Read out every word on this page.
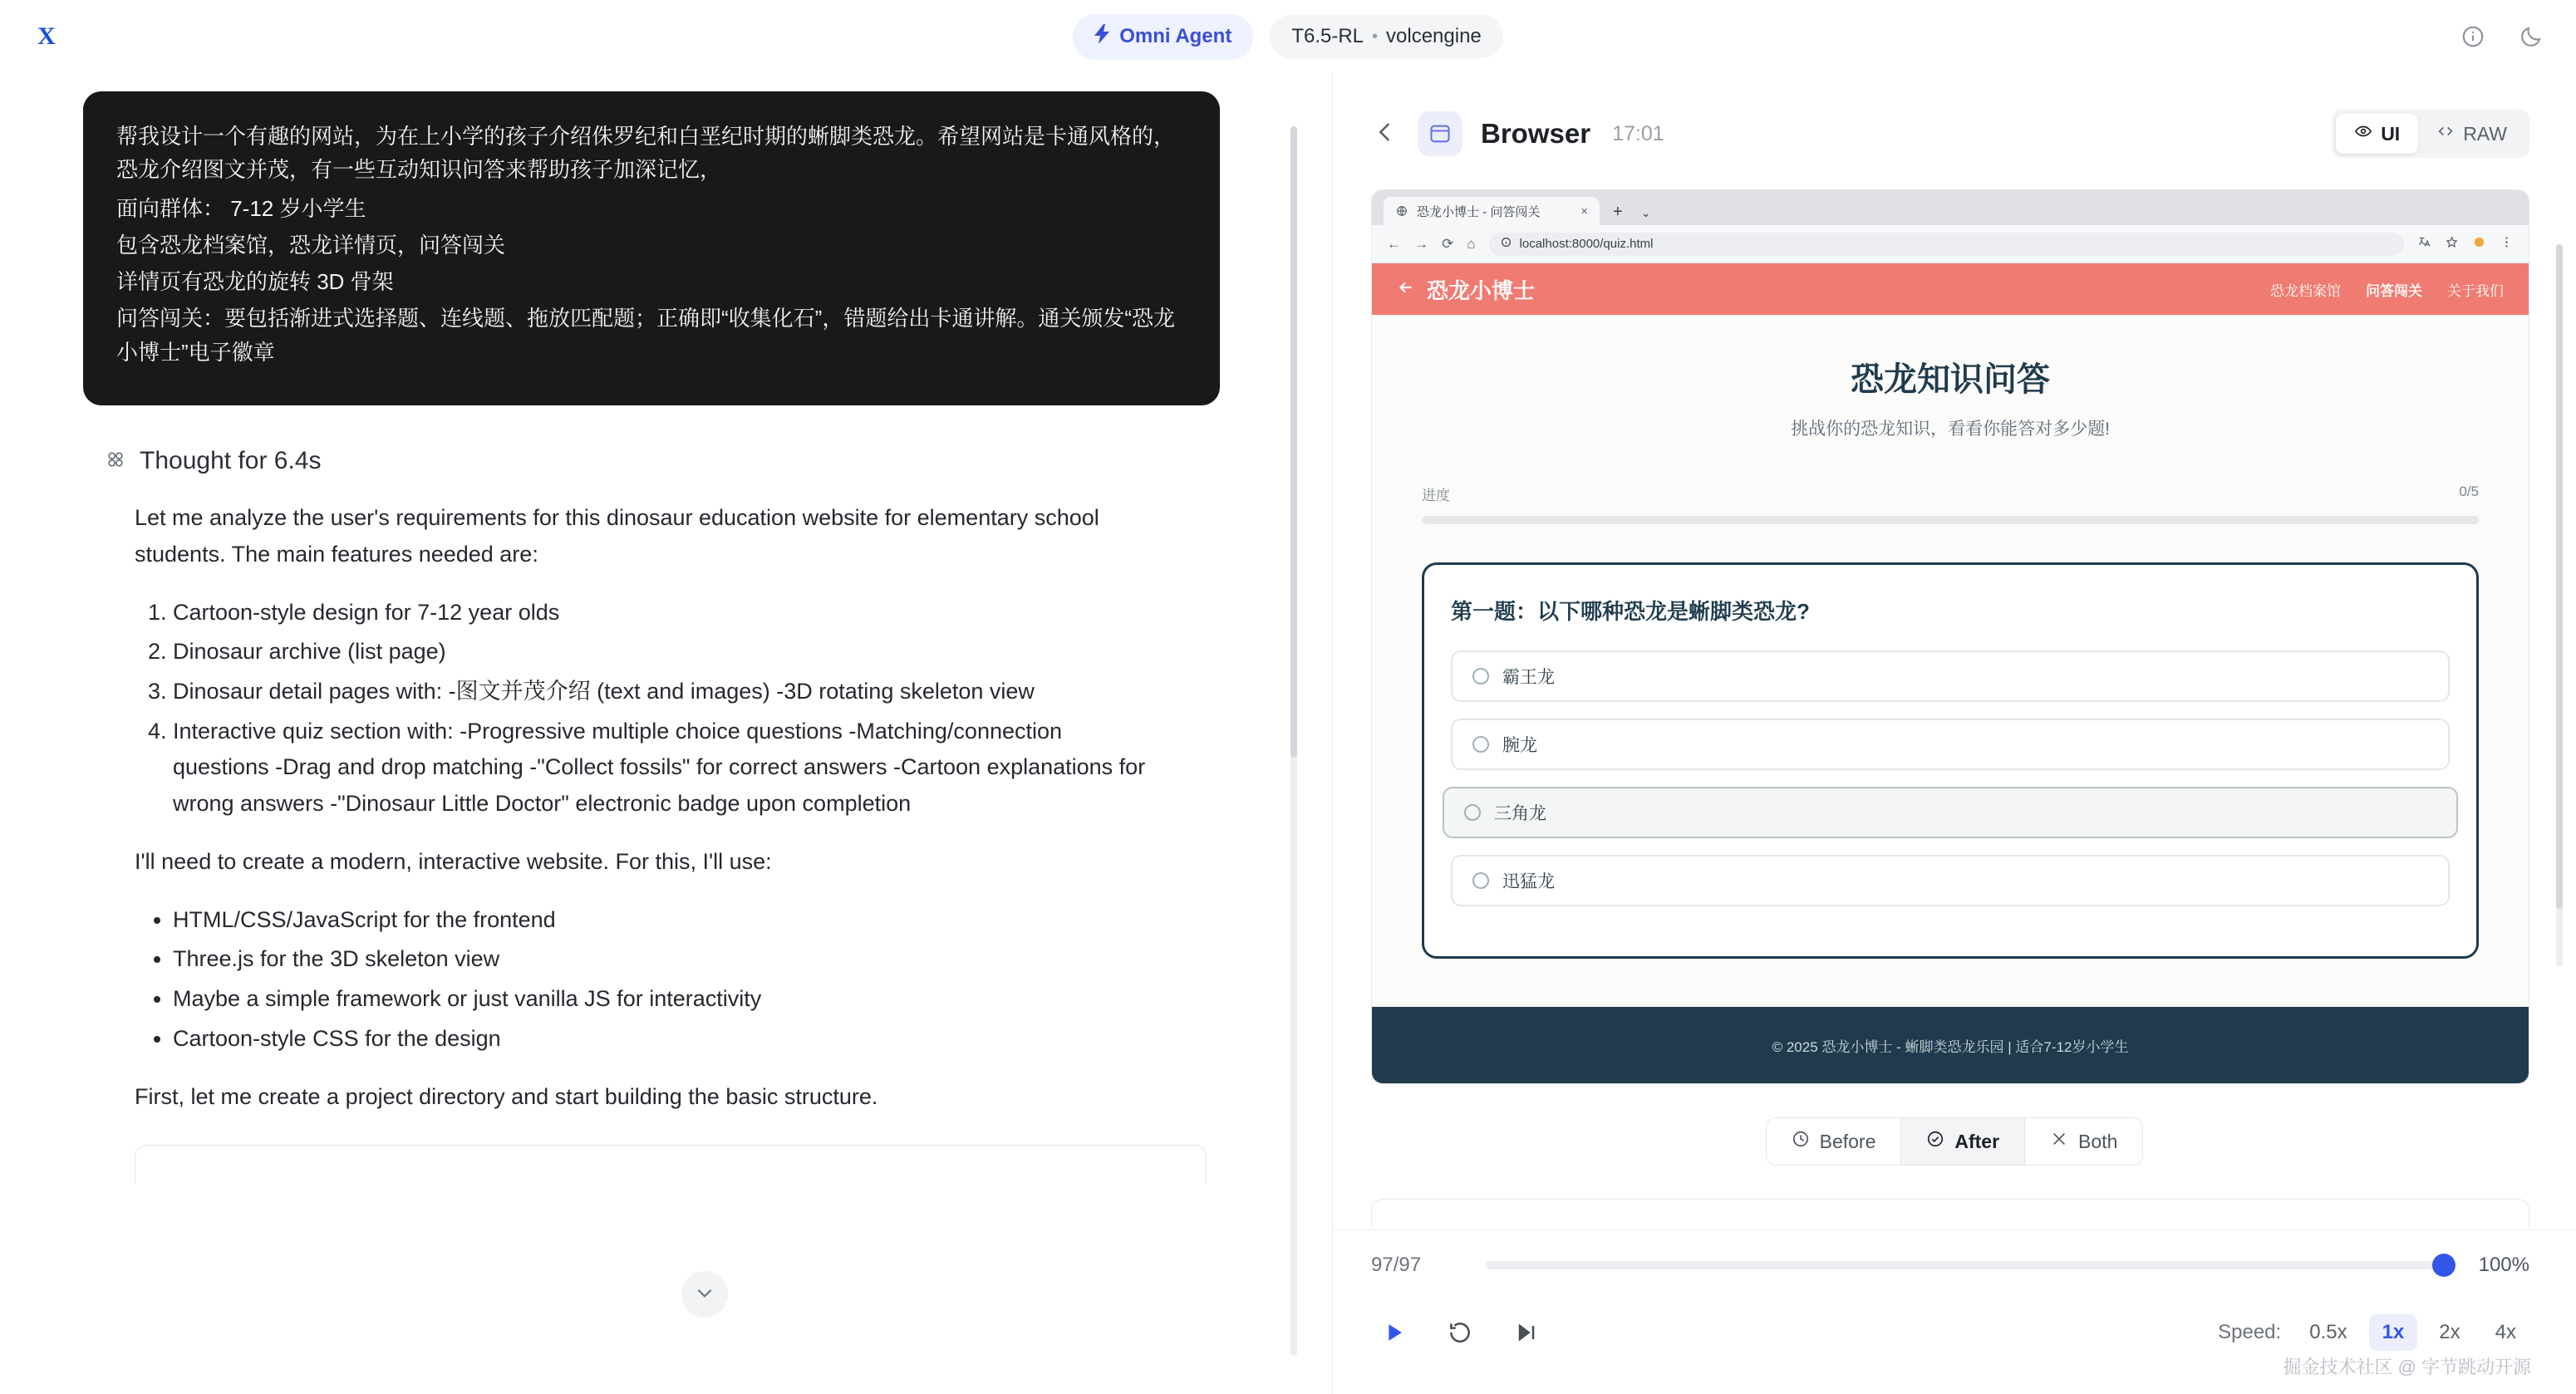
X	Omni Agent	T6.5-RL • volcengine

帮我设计一个有趣的网站，为在上小学的孩子介绍侏罗纪和白垩纪时期的蜥脚类恐龙。希望网站是卡通风格的，恐龙介绍图文并茂，有一些互动知识问答来帮助孩子加深记忆，

面向群体： 7-12 岁小学生

包含恐龙档案馆，恐龙详情页，问答闯关

详情页有恐龙的旋转 3D 骨架

问答闯关：要包括渐进式选择题、连线题、拖放匹配题；正确即“收集化石”，错题给出卡通讲解。通关颁发“恐龙小博士”电子徽章

Thought for 6.4s

Let me analyze the user's requirements for this dinosaur education website for elementary school students. The main features needed are:

1. Cartoon-style design for 7-12 year olds
2. Dinosaur archive (list page)
3. Dinosaur detail pages with: -图文并茂介绍 (text and images) -3D rotating skeleton view
4. Interactive quiz section with: -Progressive multiple choice questions -Matching/connection questions -Drag and drop matching -"Collect fossils" for correct answers -Cartoon explanations for wrong answers -"Dinosaur Little Doctor" electronic badge upon completion

I'll need to create a modern, interactive website. For this, I'll use:

• HTML/CSS/JavaScript for the frontend
• Three.js for the 3D skeleton view
• Maybe a simple framework or just vanilla JS for interactivity
• Cartoon-style CSS for the design

First, let me create a project directory and start building the basic structure.

Browser 17:01	UI	RAW
恐龙小博士 - 问答闯关	×	+	⌄
← → ⟳ ⌂	localhost:8000/quiz.html
恐龙小博士	恐龙档案馆 问答闯关 关于我们
恐龙知识问答
挑战你的恐龙知识，看看你能答对多少题!
进度	0/5
第一题：以下哪种恐龙是蜥脚类恐龙?
霸王龙
腕龙
三角龙
迅猛龙
© 2025 恐龙小博士 - 蜥脚类恐龙乐园 | 适合7-12岁小学生
Before	After	Both
97/97	100%
Speed:	0.5x	1x	2x	4x
掘金技术社区 @ 字节跳动开源
